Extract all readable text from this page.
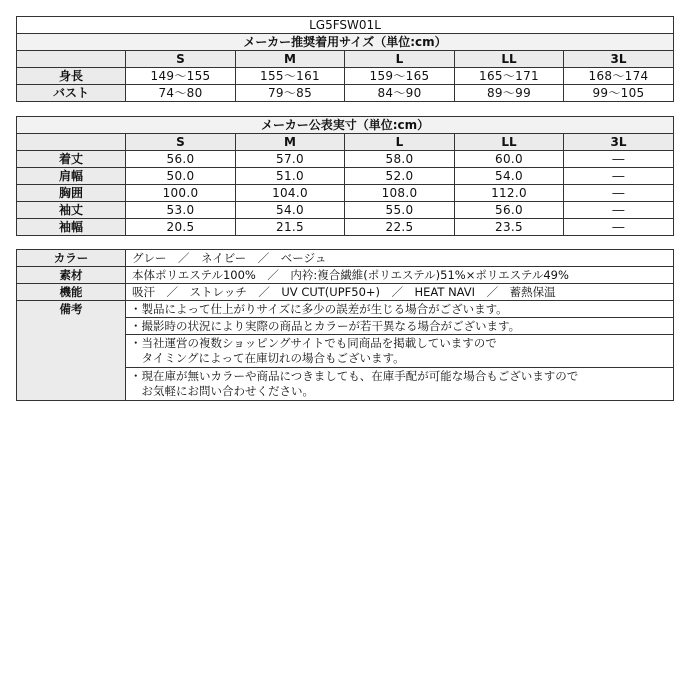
LG5FSW01L					
メーカー推奨着用サイズ（単位:cm）					
	S	M	L	LL	3L
身長	149～155	155～161	159～165	165～171	168～174
バスト	74～80	79～85	84～90	89～99	99～105
メーカー公表実寸（単位:cm）					
	S	M	L	LL	3L
着丈	56.0	57.0	58.0	60.0	―
肩幅	50.0	51.0	52.0	54.0	―
胸囲	100.0	104.0	108.0	112.0	―
袖丈	53.0	54.0	55.0	56.0	―
袖幅	20.5	21.5	22.5	23.5	―
カラー	グレー　／　ネイビー　／　ベージュ
素材	本体ポリエステル100%　／　内衿:複合繊維(ポリエステル)51%×ポリエステル49%
機能	吸汗　／　ストレッチ　／　UV CUT(UPF50+)　／　HEAT NAVI　／　蓄熱保温
備考	・製品によって仕上がりサイズに多少の誤差が生じる場合がございます。
	・撮影時の状況により実際の商品とカラーが若干異なる場合がございます。
	・当社運営の複数ショッピングサイトでも同商品を掲載していますので
　タイミングによって在庫切れの場合もございます。
	・現在庫が無いカラーや商品につきましても、在庫手配が可能な場合もございますので
　お気軽にお問い合わせください。
